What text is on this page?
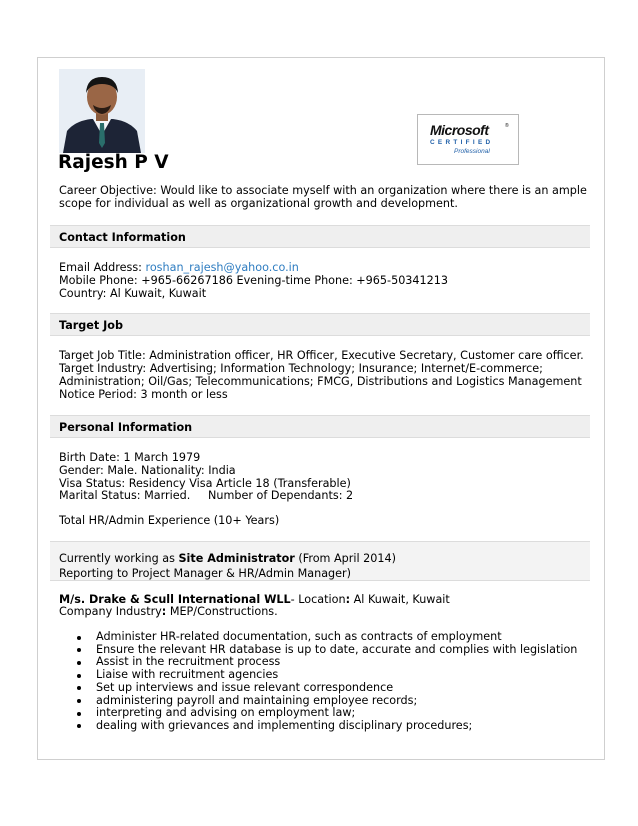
Rajesh P V
Microsoft	®
CERTIFIED
Professional
Career Objective: Would like to associate myself with an organization where there is an ample
scope for individual as well as organizational growth and development.
Contact Information
Email Address: roshan_rajesh@yahoo.co.in
Mobile Phone: +965-66267186 Evening-time Phone: +965-50341213
Country: Al Kuwait, Kuwait
Target Job
Target Job Title: Administration officer, HR Officer, Executive Secretary, Customer care officer.
Target Industry: Advertising; Information Technology; Insurance; Internet/E-commerce;
Administration; Oil/Gas; Telecommunications; FMCG, Distributions and Logistics Management
Notice Period: 3 month or less
Personal Information
Birth Date: 1 March 1979
Gender: Male. Nationality: India
Visa Status: Residency Visa Article 18 (Transferable)
Marital Status: Married.     Number of Dependants: 2
Total HR/Admin Experience (10+ Years)
Currently working as Site Administrator (From April 2014)
Reporting to Project Manager & HR/Admin Manager)
M/s. Drake & Scull International WLL- Location: Al Kuwait, Kuwait
Company Industry: MEP/Constructions.
Administer HR-related documentation, such as contracts of employment
Ensure the relevant HR database is up to date, accurate and complies with legislation
Assist in the recruitment process
Liaise with recruitment agencies
Set up interviews and issue relevant correspondence
administering payroll and maintaining employee records;
interpreting and advising on employment law;
dealing with grievances and implementing disciplinary procedures;
